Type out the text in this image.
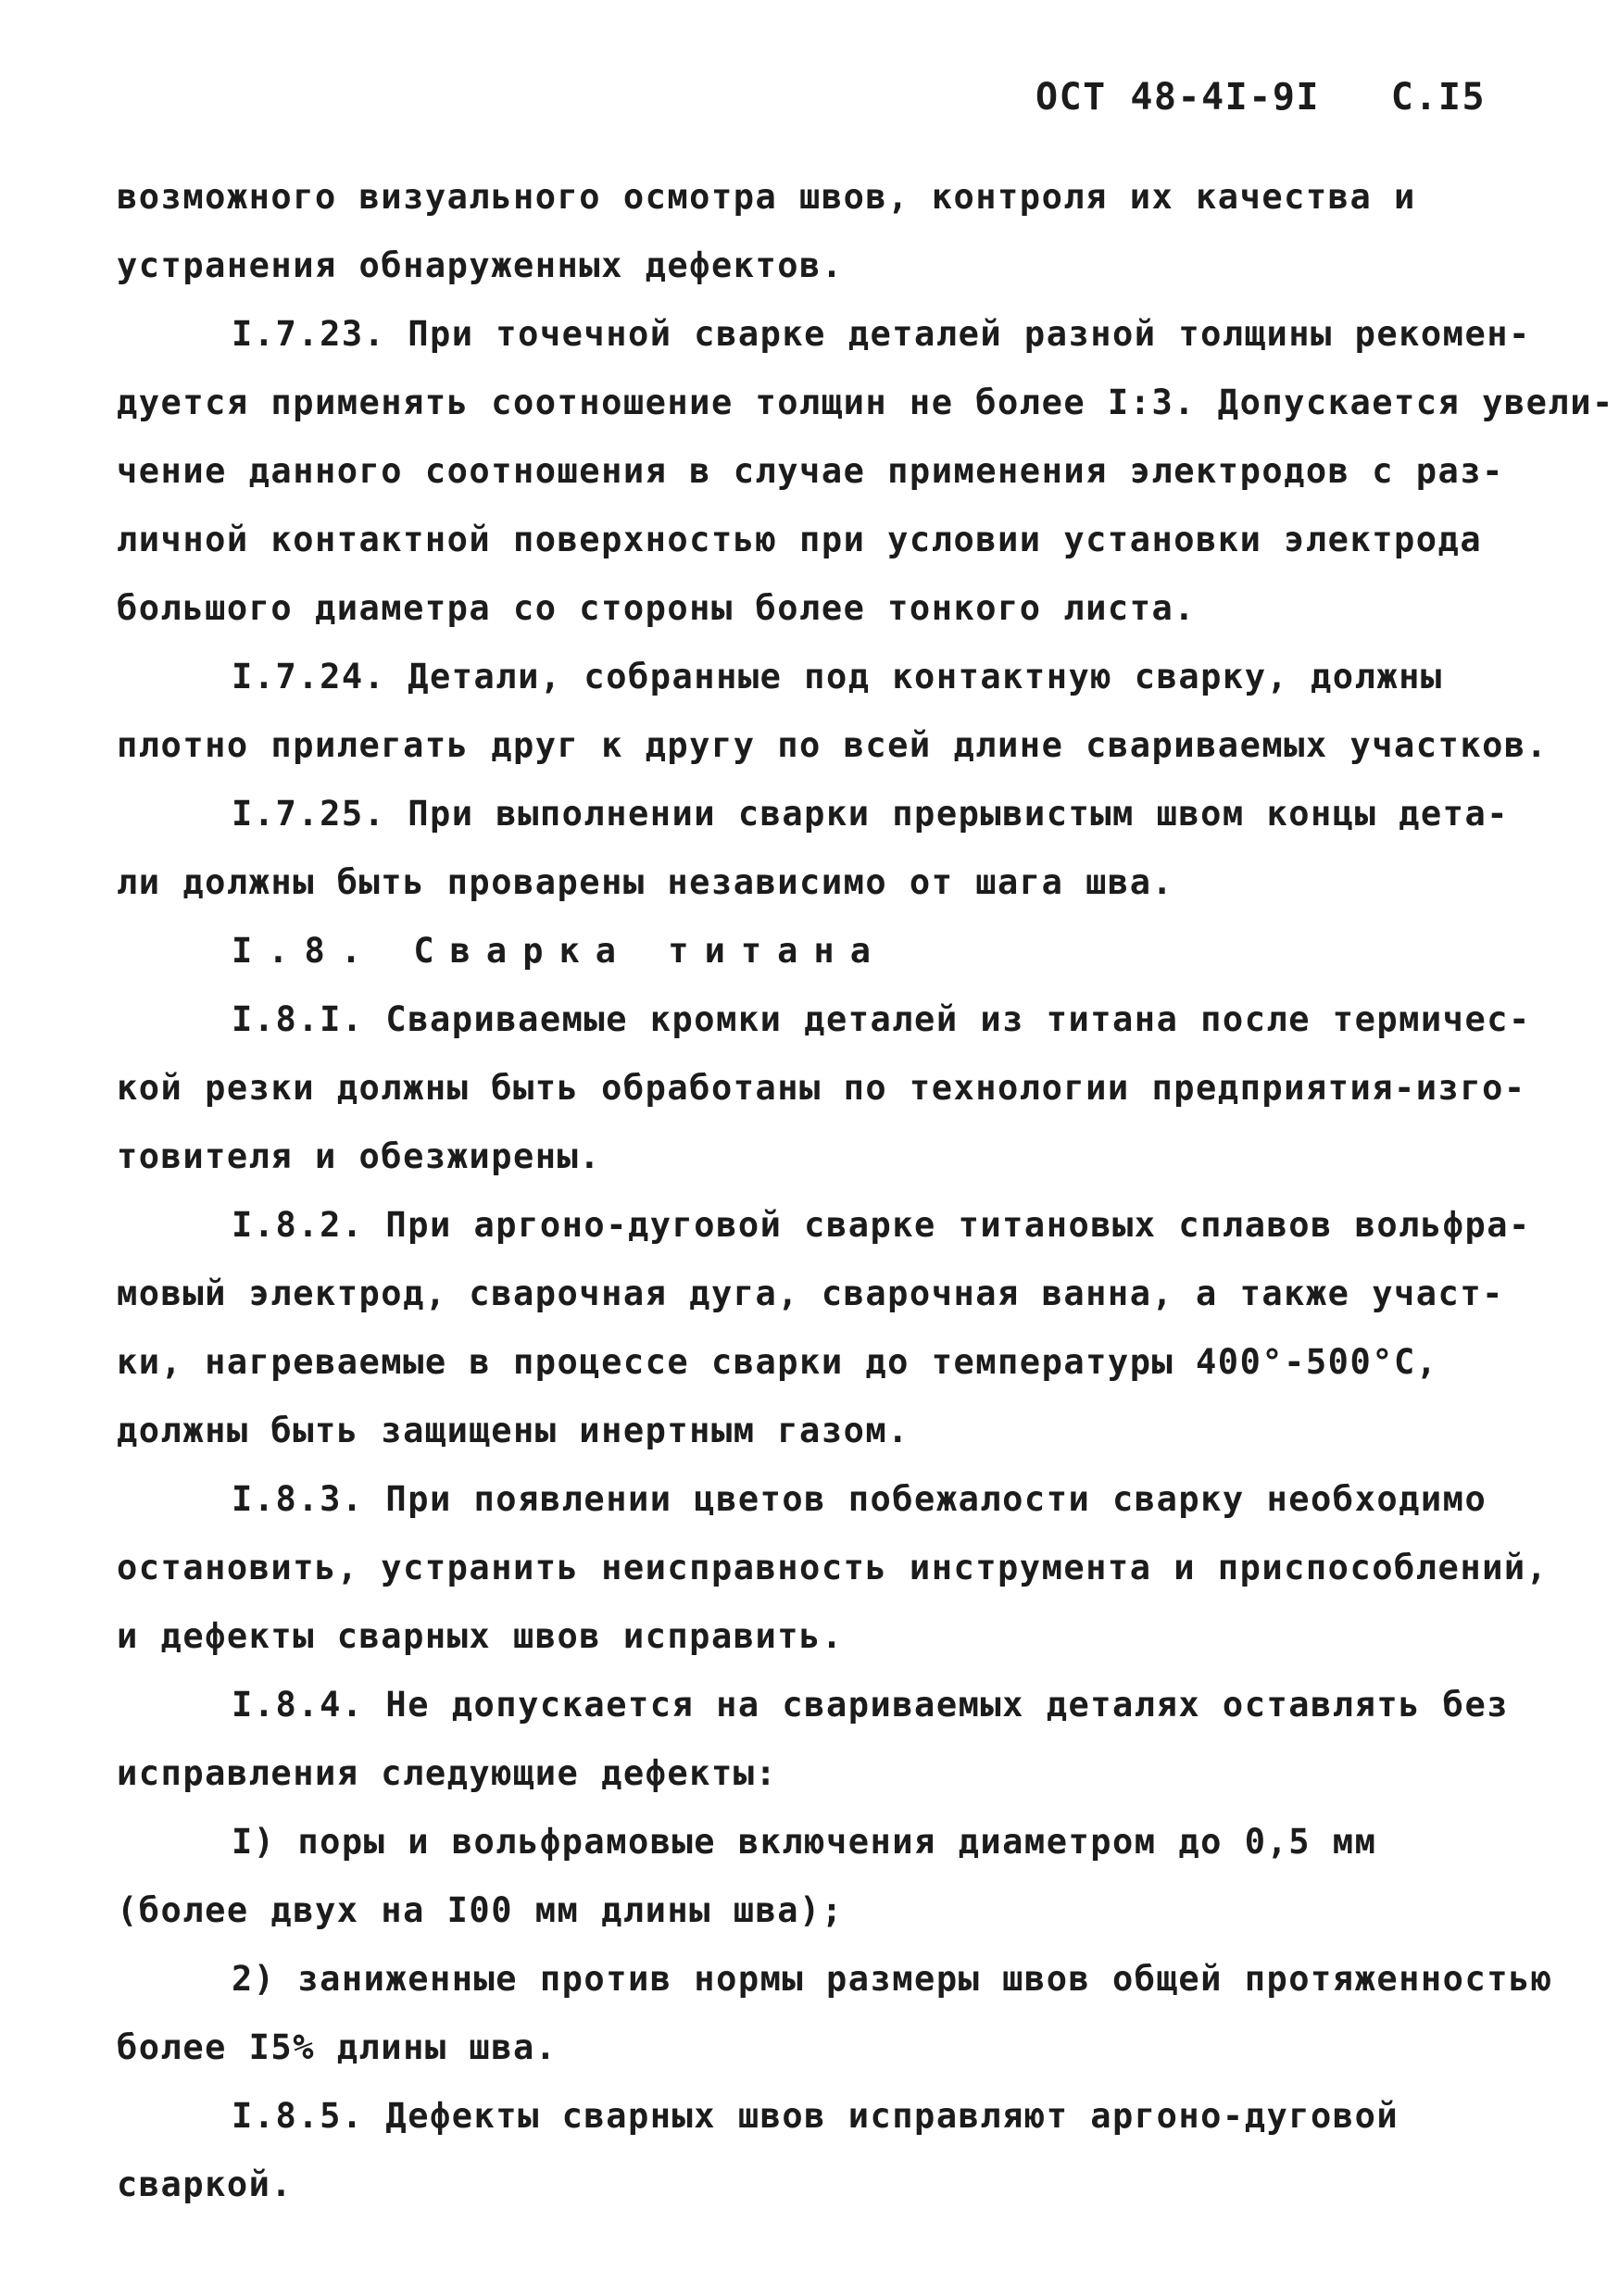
ОСТ 48-4I-9I С.I5
возможного визуального осмотра швов, контроля их качества и
устранения обнаруженных дефектов.
I.7.23. При точечной сварке деталей разной толщины рекомен-
дуется применять соотношение толщин не более I:3. Допускается увели-
чение данного соотношения в случае применения электродов с раз-
личной контактной поверхностью при условии установки электрода
большого диаметра со стороны более тонкого листа.
I.7.24. Детали, собранные под контактную сварку, должны
плотно прилегать друг к другу по всей длине свариваемых участков.
I.7.25. При выполнении сварки прерывистым швом концы дета-
ли должны быть проварены независимо от шага шва.
I.8. Сварка титана
I.8.I. Свариваемые кромки деталей из титана после термичес-
кой резки должны быть обработаны по технологии предприятия-изго-
товителя и обезжирены.
I.8.2. При аргоно-дуговой сварке титановых сплавов вольфра-
мовый электрод, сварочная дуга, сварочная ванна, а также участ-
ки, нагреваемые в процессе сварки до температуры 400°-500°С,
должны быть защищены инертным газом.
I.8.3. При появлении цветов побежалости сварку необходимо
остановить, устранить неисправность инструмента и приспособлений,
и дефекты сварных швов исправить.
I.8.4. Не допускается на свариваемых деталях оставлять без
исправления следующие дефекты:
I) поры и вольфрамовые включения диаметром до 0,5 мм
(более двух на I00 мм длины шва);
2) заниженные против нормы размеры швов общей протяженностью
более I5% длины шва.
I.8.5. Дефекты сварных швов исправляют аргоно-дуговой
сваркой.
